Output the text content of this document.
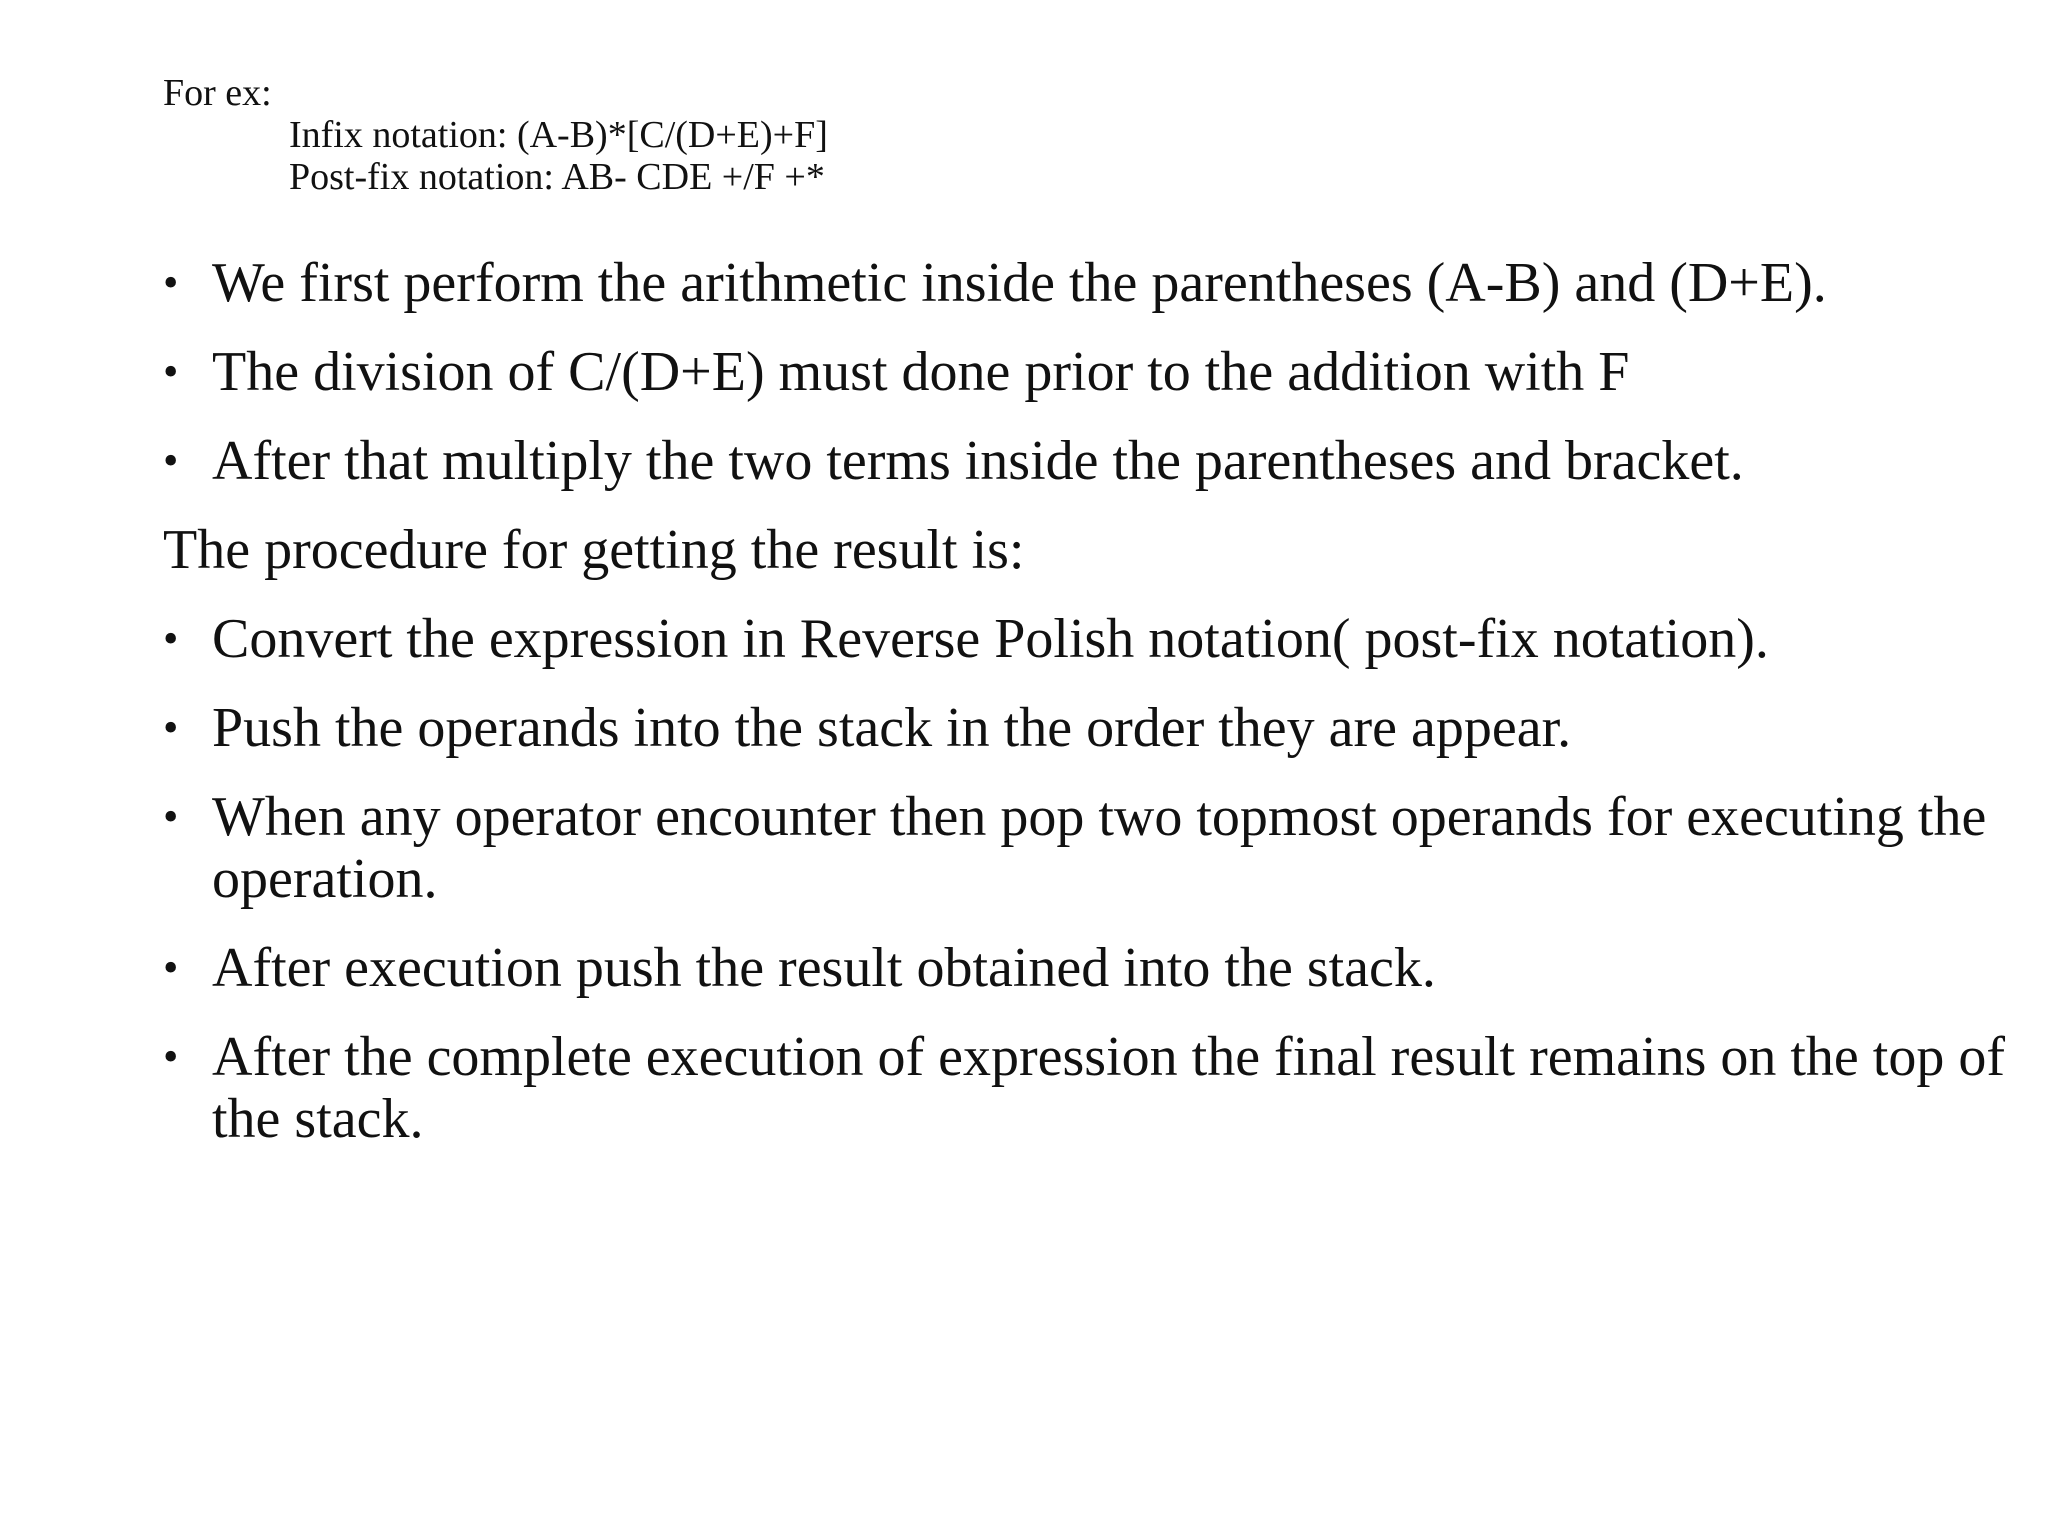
For ex:
Infix notation: (A-B)*[C/(D+E)+F]
Post-fix notation: AB- CDE +/F +*
• We first perform the arithmetic inside the parentheses (A-B) and (D+E).
• The division of C/(D+E) must done prior to the addition with F
• After that multiply the two terms inside the parentheses and bracket.
The procedure for getting the result is:
• Convert the expression in Reverse Polish notation( post-fix notation).
• Push the operands into the stack in the order they are appear.
• When any operator encounter then pop two topmost operands for executing the operation.
• After execution push the result obtained into the stack.
• After the complete execution of expression the final result remains on the top of the stack.
